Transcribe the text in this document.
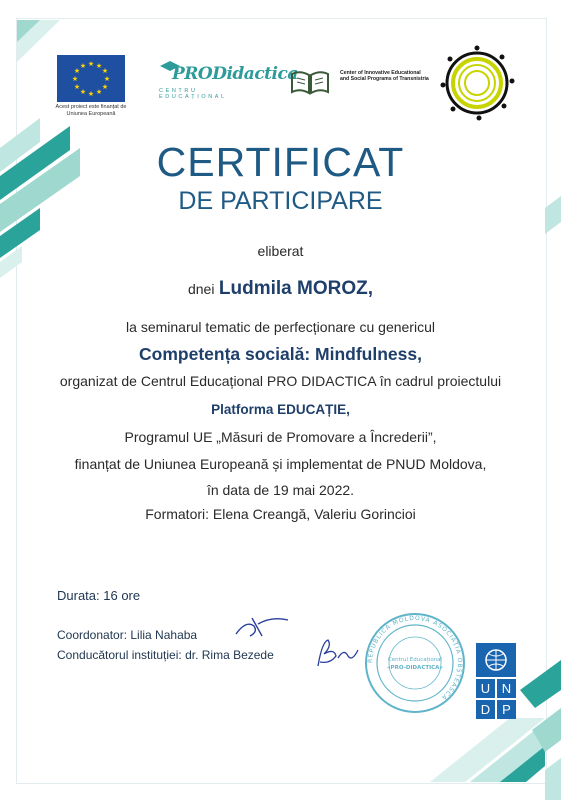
★ ★
★
★
★
★
★
★
★
★
★
★
Acest proiect este finanțat de Uniunea Europeană
PRODidactica
CENTRU EDUCAȚIONAL
Center of Innovative Educational and Social Programs of Transnistria
CERTIFICAT
DE PARTICIPARE
eliberat
dnei Ludmila MOROZ,
la seminarul tematic de perfecționare cu genericul
Competența socială: Mindfulness,
organizat de Centrul Educațional PRO DIDACTICA în cadrul proiectului
Platforma EDUCAȚIE,
Programul UE „Măsuri de Promovare a Încrederii”,
finanțat de Uniunea Europeană și implementat de PNUD Moldova,
în data de 19 mai 2022.
Formatori: Elena Creangă, Valeriu Gorincioi
Durata: 16 ore
Coordonator: Lilia Nahaba
Conducătorul instituției: dr. Rima Bezede	REPUBLICA MOLDOVA ASOCIAȚIA OBȘTEASCĂ
Centrul Educațional
«PRO-DIDACTICA»
U N
D P
